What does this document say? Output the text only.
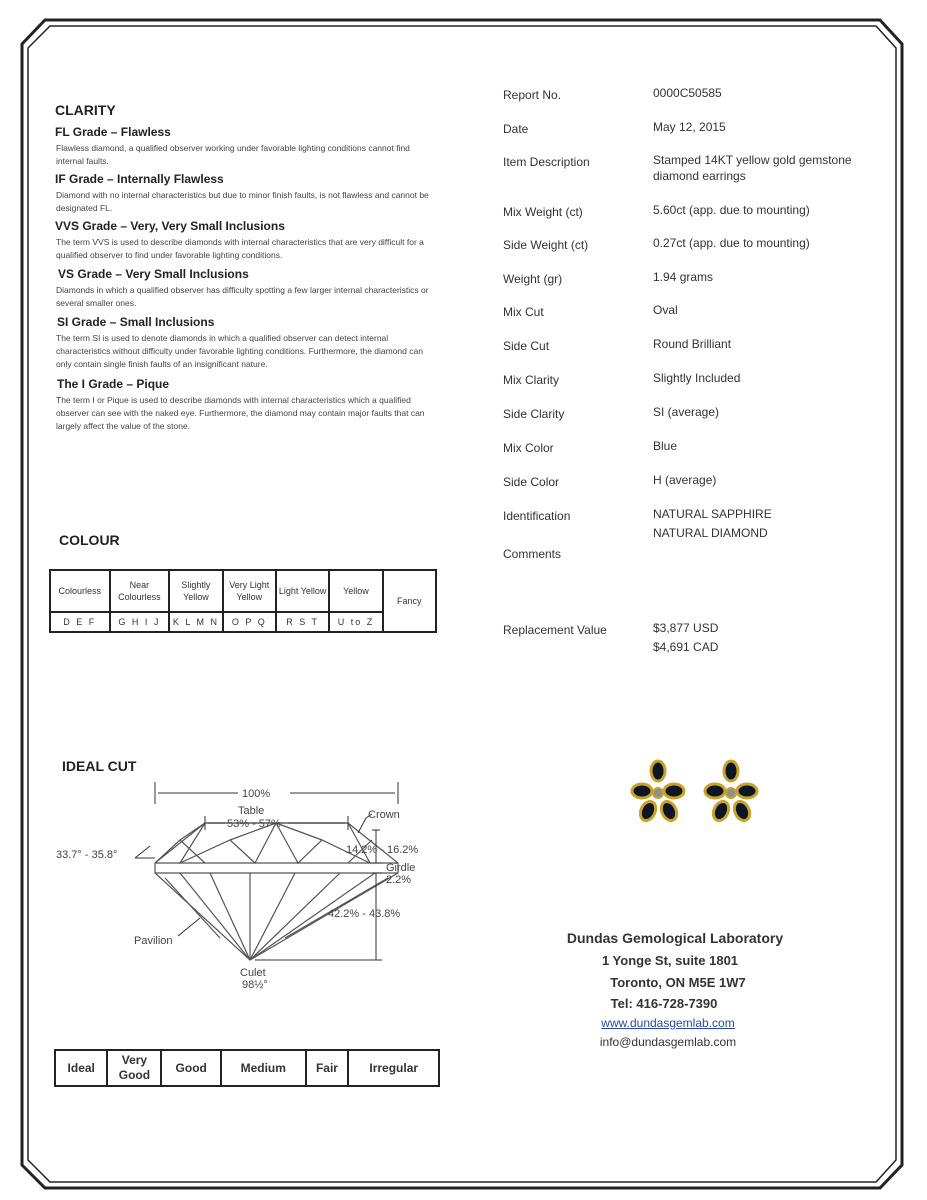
CLARITY
FL Grade – Flawless
Flawless diamond, a qualified observer working under favorable lighting conditions cannot find internal faults.
IF Grade – Internally Flawless
Diamond with no internal characteristics but due to minor finish faults, is not flawless and cannot be designated FL.
VVS Grade – Very, Very Small Inclusions
The term VVS is used to describe diamonds with internal characteristics that are very difficult for a qualified observer to find under favorable lighting conditions.
VS Grade – Very Small Inclusions
Diamonds in which a qualified observer has difficulty spotting a few larger internal characteristics or several smaller ones.
SI Grade – Small Inclusions
The term SI is used to denote diamonds in which a qualified observer can detect internal characteristics without difficulty under favorable lighting conditions. Furthermore, the diamond can only contain single finish faults of an insignificant nature.
The I Grade – Pique
The term I or Pique is used to describe diamonds with internal characteristics which a qualified observer can see with the naked eye. Furthermore, the diamond may contain major faults that can largely affect the value of the stone.
COLOUR
Colourless	Near Colourless	Slightly Yellow	Very Light Yellow	Light Yellow	Yellow	Fancy
D E F	G H I J	K L M N	O P Q	R S T	U to Z	
IDEAL CUT
100%
Table
53% - 57%
Crown
33.7° - 35.8°	14.2% - 16.2%
Girdle
2.2%
42.2% - 43.8%
Pavilion
Culet
98½°
Ideal	Very Good	Good	Medium	Fair	Irregular
Report No.	0000C50585
Date	May 12, 2015
Item Description	Stamped 14KT yellow gold gemstone diamond earrings
Mix Weight (ct)	5.60ct (app. due to mounting)
Side Weight (ct)	0.27ct (app. due to mounting)
Weight (gr)	1.94 grams
Mix Cut	Oval
Side Cut	Round Brilliant
Mix Clarity	Slightly Included
Side Clarity	SI (average)
Mix Color	Blue
Side Color	H (average)
Identification	NATURAL SAPPHIRE
NATURAL DIAMOND
Comments
Replacement Value	$3,877 USD
$4,691 CAD
Dundas Gemological Laboratory
1 Yonge St, suite 1801
Toronto, ON M5E 1W7
Tel: 416-728-7390
www.dundasgemlab.com
info@dundasgemlab.com
